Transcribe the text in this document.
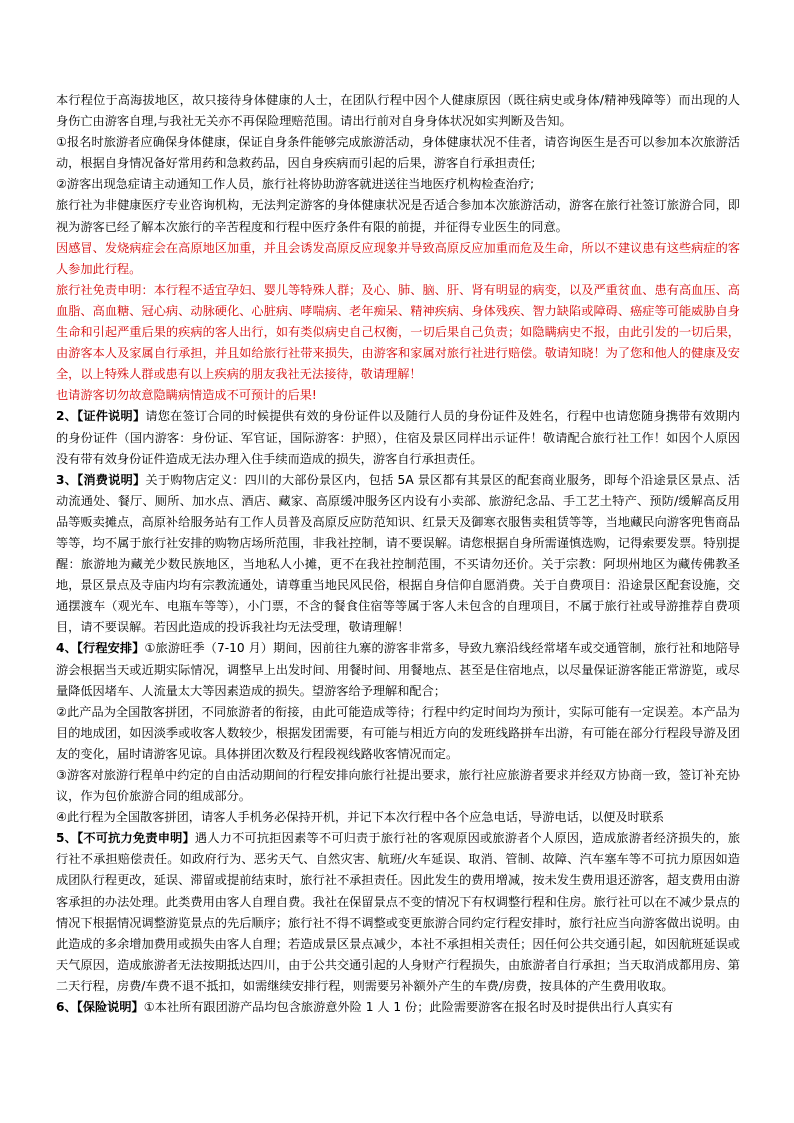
本行程位于高海拔地区，故只接待身体健康的人士，在团队行程中因个人健康原因（既往病史或身体/精神残障等）而出现的人身伤亡由游客自理,与我社无关亦不再保险理赔范围。请出行前对自身身体状况如实判断及告知。

①报名时旅游者应确保身体健康，保证自身条件能够完成旅游活动，身体健康状况不佳者，请咨询医生是否可以参加本次旅游活动，根据自身情况备好常用药和急救药品，因自身疾病而引起的后果，游客自行承担责任;

②游客出现急症请主动通知工作人员，旅行社将协助游客就进送往当地医疗机构检查治疗;

旅行社为非健康医疗专业咨询机构，无法判定游客的身体健康状况是否适合参加本次旅游活动，游客在旅行社签订旅游合同，即视为游客已经了解本次旅行的辛苦程度和行程中医疗条件有限的前提，并征得专业医生的同意。

因感冒、发烧病症会在高原地区加重，并且会诱发高原反应现象并导致高原反应加重而危及生命，所以不建议患有这些病症的客人参加此行程。

旅行社免责申明：本行程不适宜孕妇、婴儿等特殊人群；及心、肺、脑、肝、肾有明显的病变，以及严重贫血、患有高血压、高血脂、高血糖、冠心病、动脉硬化、心脏病、哮喘病、老年痴呆、精神疾病、身体残疾、智力缺陷或障碍、癌症等可能威胁自身生命和引起严重后果的疾病的客人出行，如有类似病史自己权衡，一切后果自己负责；如隐瞒病史不报，由此引发的一切后果，由游客本人及家属自行承担，并且如给旅行社带来损失，由游客和家属对旅行社进行赔偿。敬请知晓！为了您和他人的健康及安全，以上特殊人群或患有以上疾病的朋友我社无法接待，敬请理解！

也请游客切勿故意隐瞒病情造成不可预计的后果!

2、【证件说明】请您在签订合同的时候提供有效的身份证件以及随行人员的身份证件及姓名，行程中也请您随身携带有效期内的身份证件（国内游客：身份证、军官证，国际游客：护照），住宿及景区同样出示证件！敬请配合旅行社工作！如因个人原因没有带有效身份证件造成无法办理入住手续而造成的损失，游客自行承担责任。

3、【消费说明】关于购物店定义：四川的大部份景区内，包括 5A 景区都有其景区的配套商业服务，即每个沿途景区景点、活动流通处、餐厅、厕所、加水点、酒店、藏家、高原缓冲服务区内设有小卖部、旅游纪念品、手工艺土特产、预防/缓解高反用品等贩卖摊点，高原补给服务站有工作人员普及高原反应防范知识、红景天及御寒衣服售卖租赁等等，当地藏民向游客兜售商品等等，均不属于旅行社安排的购物店场所范围，非我社控制，请不要误解。请您根据自身所需谨慎选购，记得索要发票。特别提醒：旅游地为藏羌少数民族地区，当地私人小摊，更不在我社控制范围，不买请勿还价。关于宗教：阿坝州地区为藏传佛教圣地，景区景点及寺庙内均有宗教流通处，请尊重当地民风民俗，根据自身信仰自愿消费。关于自费项目：沿途景区配套设施，交通摆渡车（观光车、电瓶车等等），小门票，不含的餐食住宿等等属于客人未包含的自理项目，不属于旅行社或导游推荐自费项目，请不要误解。若因此造成的投诉我社均无法受理，敬请理解！

4、【行程安排】①旅游旺季（7-10 月）期间，因前往九寨的游客非常多，导致九寨沿线经常堵车或交通管制，旅行社和地陪导游会根据当天或近期实际情况，调整早上出发时间、用餐时间、用餐地点、甚至是住宿地点，以尽量保证游客能正常游览，或尽量降低因堵车、人流量太大等因素造成的损失。望游客给予理解和配合；

②此产品为全国散客拼团，不同旅游者的衔接，由此可能造成等待；行程中约定时间均为预计，实际可能有一定误差。本产品为目的地成团，如因淡季或收客人数较少，根据发团需要，有可能与相近方向的发班线路拼车出游，有可能在部分行程段导游及团友的变化，届时请游客见谅。具体拼团次数及行程段视线路收客情况而定。

③游客对旅游行程单中约定的自由活动期间的行程安排向旅行社提出要求，旅行社应旅游者要求并经双方协商一致，签订补充协议，作为包价旅游合同的组成部分。

④此行程为全国散客拼团，请客人手机务必保持开机，并记下本次行程中各个应急电话，导游电话，以便及时联系

5、【不可抗力免责申明】遇人力不可抗拒因素等不可归责于旅行社的客观原因或旅游者个人原因，造成旅游者经济损失的，旅行社不承担赔偿责任。如政府行为、恶劣天气、自然灾害、航班/火车延误、取消、管制、故障、汽车塞车等不可抗力原因如造成团队行程更改，延误、滞留或提前结束时，旅行社不承担责任。因此发生的费用增减，按未发生费用退还游客，超支费用由游客承担的办法处理。此类费用由客人自理自费。我社在保留景点不变的情况下有权调整行程和住房。旅行社可以在不减少景点的情况下根据情况调整游览景点的先后顺序；旅行社不得不调整或变更旅游合同约定行程安排时，旅行社应当向游客做出说明。由此造成的多余增加费用或损失由客人自理；若造成景区景点减少，本社不承担相关责任；因任何公共交通引起，如因航班延误或天气原因，造成旅游者无法按期抵达四川，由于公共交通引起的人身财产行程损失，由旅游者自行承担；当天取消成都用房、第二天行程，房费/车费不退不抵扣，如需继续安排行程，则需要另补额外产生的车费/房费，按具体的产生费用收取。

6、【保险说明】①本社所有跟团游产品均包含旅游意外险 1 人 1 份；此险需要游客在报名时及时提供出行人真实有
